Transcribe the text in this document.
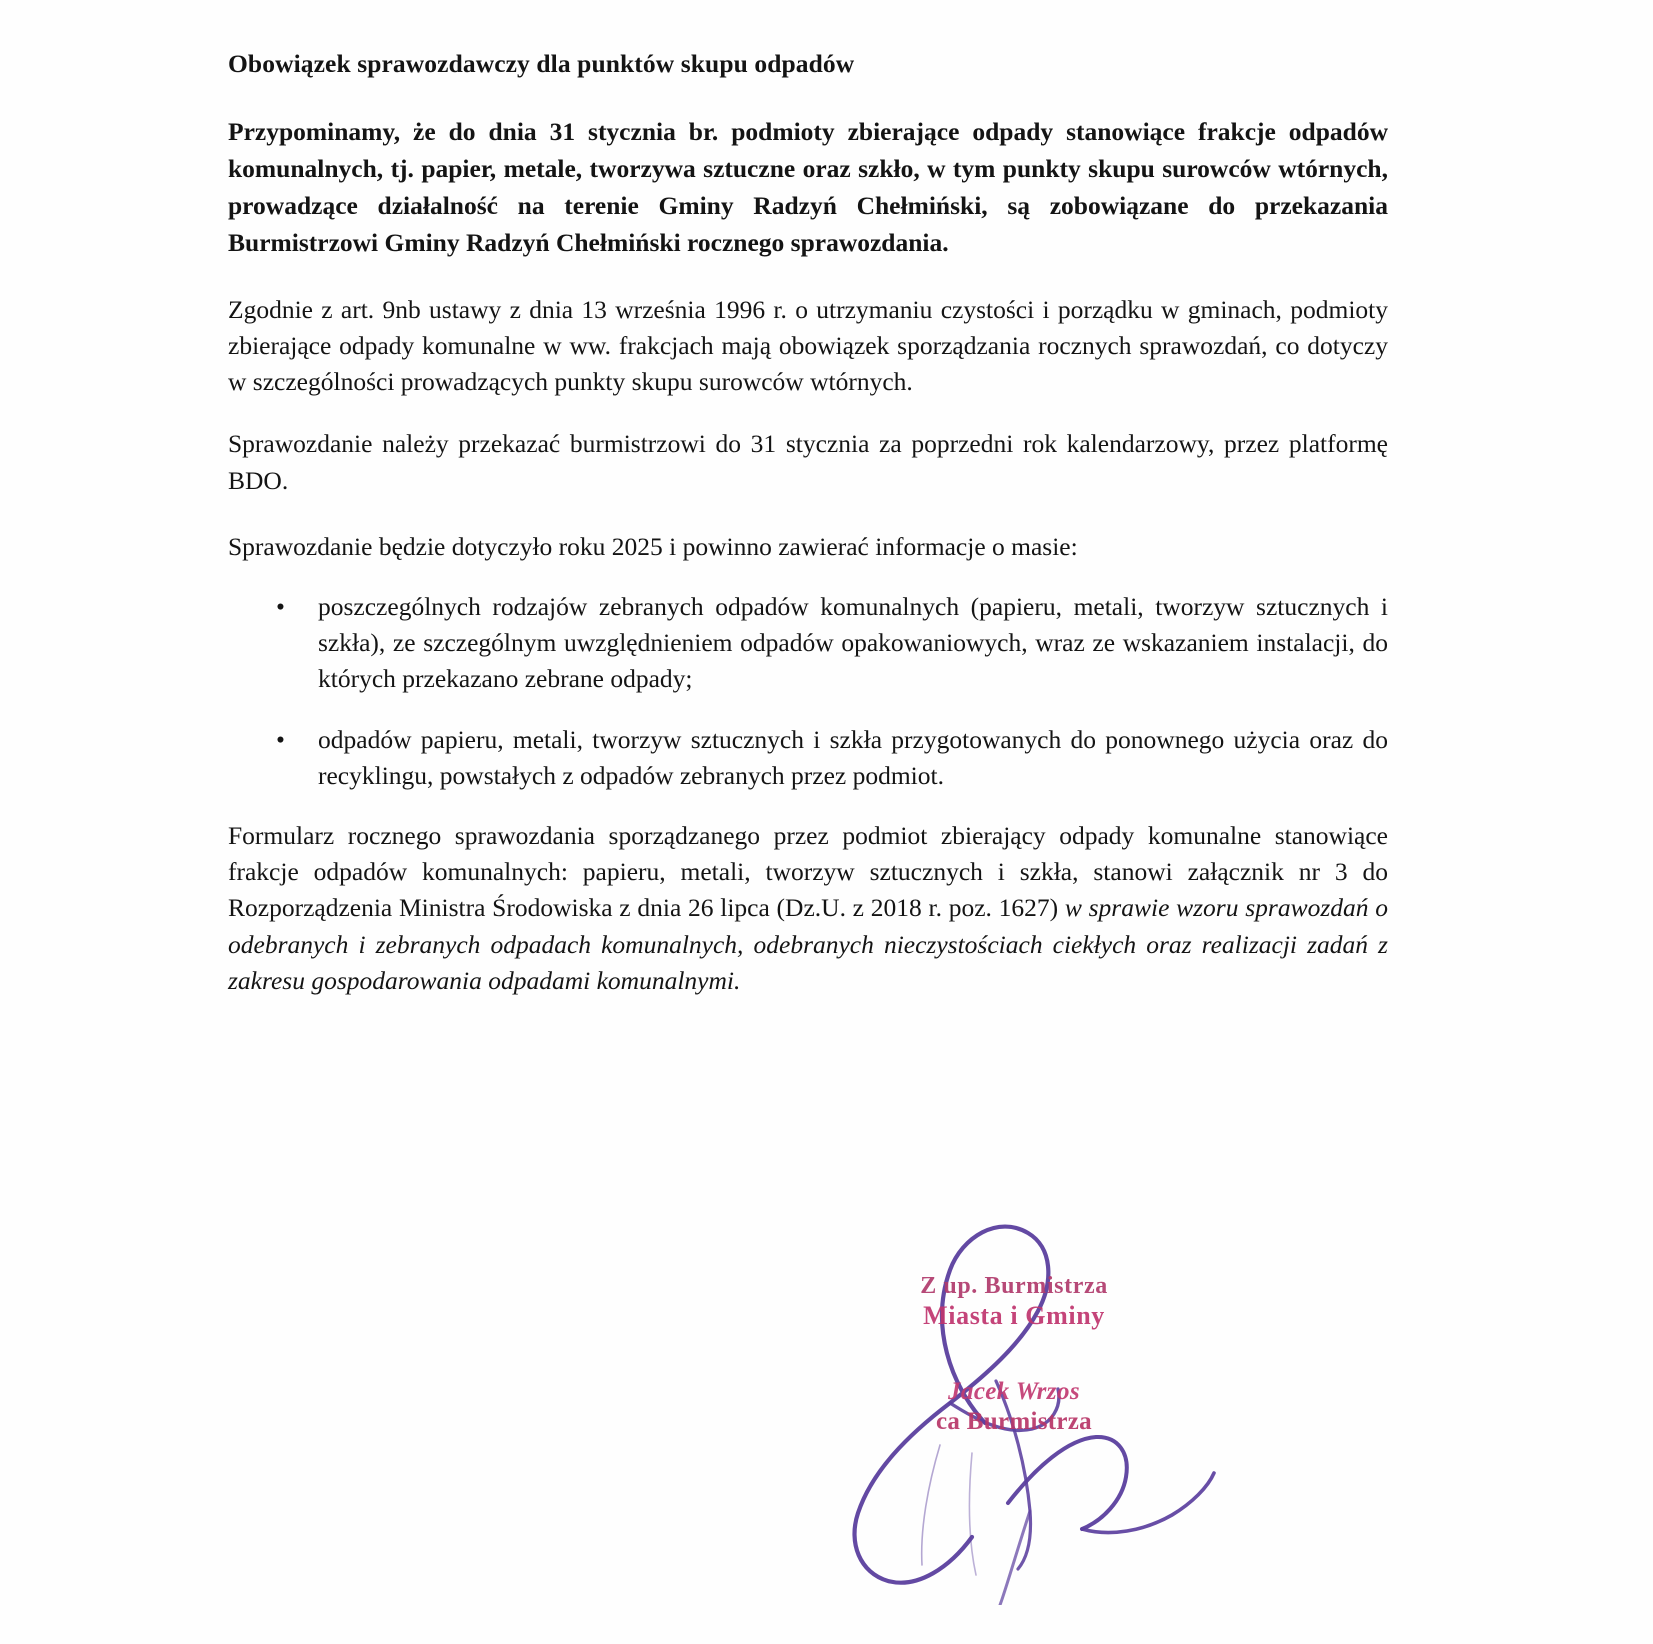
Obowiązek sprawozdawczy dla punktów skupu odpadów

Przypominamy, że do dnia 31 stycznia br. podmioty zbierające odpady stanowiące frakcje odpadów komunalnych, tj. papier, metale, tworzywa sztuczne oraz szkło, w tym punkty skupu surowców wtórnych, prowadzące działalność na terenie Gminy Radzyń Chełmiński, są zobowiązane do przekazania Burmistrzowi Gminy Radzyń Chełmiński rocznego sprawozdania.

Zgodnie z art. 9nb ustawy z dnia 13 września 1996 r. o utrzymaniu czystości i porządku w gminach, podmioty zbierające odpady komunalne w ww. frakcjach mają obowiązek sporządzania rocznych sprawozdań, co dotyczy w szczególności prowadzących punkty skupu surowców wtórnych.

Sprawozdanie należy przekazać burmistrzowi do 31 stycznia za poprzedni rok kalendarzowy, przez platformę BDO.

Sprawozdanie będzie dotyczyło roku 2025 i powinno zawierać informacje o masie:

• poszczególnych rodzajów zebranych odpadów komunalnych (papieru, metali, tworzyw sztucznych i szkła), ze szczególnym uwzględnieniem odpadów opakowaniowych, wraz ze wskazaniem instalacji, do których przekazano zebrane odpady;
• odpadów papieru, metali, tworzyw sztucznych i szkła przygotowanych do ponownego użycia oraz do recyklingu, powstałych z odpadów zebranych przez podmiot.

Formularz rocznego sprawozdania sporządzanego przez podmiot zbierający odpady komunalne stanowiące frakcje odpadów komunalnych: papieru, metali, tworzyw sztucznych i szkła, stanowi załącznik nr 3 do Rozporządzenia Ministra Środowiska z dnia 26 lipca (Dz.U. z 2018 r. poz. 1627) w sprawie wzoru sprawozdań o odebranych i zebranych odpadach komunalnych, odebranych nieczystościach ciekłych oraz realizacji zadań z zakresu gospodarowania odpadami komunalnymi.

Z up. Burmistrza
Miasta i Gminy
Jacek Wrzos
ca Burmistrza
